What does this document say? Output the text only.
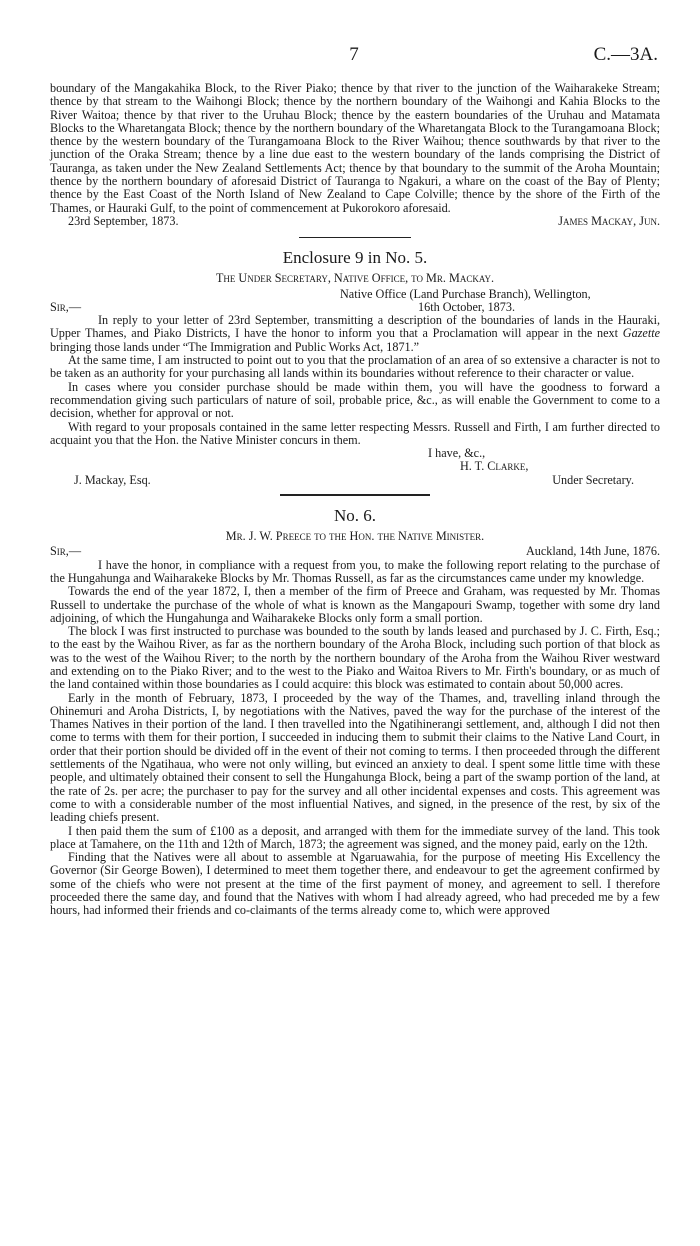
7	C.—3A.

boundary of the Mangakahika Block, to the River Piako; thence by that river to the junction of the Waiharakeke Stream; thence by that stream to the Waihongi Block; thence by the northern boundary of the Waihongi and Kahia Blocks to the River Waitoa; thence by that river to the Uruhau Block; thence by the eastern boundaries of the Uruhau and Matamata Blocks to the Wharetangata Block; thence by the northern boundary of the Wharetangata Block to the Turangamoana Block; thence by the western boundary of the Turangamoana Block to the River Waihou; thence southwards by that river to the junction of the Oraka Stream; thence by a line due east to the western boundary of the lands comprising the District of Tauranga, as taken under the New Zealand Settlements Act; thence by that boundary to the summit of the Aroha Mountain; thence by the northern boundary of aforesaid District of Tauranga to Ngakuri, a whare on the coast of the Bay of Plenty; thence by the East Coast of the North Island of New Zealand to Cape Colville; thence by the shore of the Firth of the Thames, or Hauraki Gulf, to the point of commencement at Pukorokoro aforesaid.

23rd September, 1873.	James Mackay, Jun.
Enclosure 9 in No. 5.
The Under Secretary, Native Office, to Mr. Mackay.
Native Office (Land Purchase Branch), Wellington,
Sir,—	16th October, 1873.

In reply to your letter of 23rd September, transmitting a description of the boundaries of lands in the Hauraki, Upper Thames, and Piako Districts, I have the honor to inform you that a Proclamation will appear in the next Gazette bringing those lands under “The Immigration and Public Works Act, 1871.”

At the same time, I am instructed to point out to you that the proclamation of an area of so extensive a character is not to be taken as an authority for your purchasing all lands within its boundaries without reference to their character or value.

In cases where you consider purchase should be made within them, you will have the goodness to forward a recommendation giving such particulars of nature of soil, probable price, &c., as will enable the Government to come to a decision, whether for approval or not.

With regard to your proposals contained in the same letter respecting Messrs. Russell and Firth, I am further directed to acquaint you that the Hon. the Native Minister concurs in them.

I have, &c.,
H. T. Clarke,
J. Mackay, Esq.	Under Secretary.
No. 6.
Mr. J. W. Preece to the Hon. the Native Minister.
Sir,—	Auckland, 14th June, 1876.

I have the honor, in compliance with a request from you, to make the following report relating to the purchase of the Hungahunga and Waiharakeke Blocks by Mr. Thomas Russell, as far as the circumstances came under my knowledge.

Towards the end of the year 1872, I, then a member of the firm of Preece and Graham, was requested by Mr. Thomas Russell to undertake the purchase of the whole of what is known as the Mangapouri Swamp, together with some dry land adjoining, of which the Hungahunga and Waiharakeke Blocks only form a small portion.

The block I was first instructed to purchase was bounded to the south by lands leased and purchased by J. C. Firth, Esq.; to the east by the Waihou River, as far as the northern boundary of the Aroha Block, including such portion of that block as was to the west of the Waihou River; to the north by the northern boundary of the Aroha from the Waihou River westward and extending on to the Piako River; and to the west to the Piako and Waitoa Rivers to Mr. Firth's boundary, or as much of the land contained within those boundaries as I could acquire: this block was estimated to contain about 50,000 acres.

Early in the month of February, 1873, I proceeded by the way of the Thames, and, travelling inland through the Ohinemuri and Aroha Districts, I, by negotiations with the Natives, paved the way for the purchase of the interest of the Thames Natives in their portion of the land. I then travelled into the Ngatihinerangi settlement, and, although I did not then come to terms with them for their portion, I succeeded in inducing them to submit their claims to the Native Land Court, in order that their portion should be divided off in the event of their not coming to terms. I then proceeded through the different settlements of the Ngatihaua, who were not only willing, but evinced an anxiety to deal. I spent some little time with these people, and ultimately obtained their consent to sell the Hungahunga Block, being a part of the swamp portion of the land, at the rate of 2s. per acre; the purchaser to pay for the survey and all other incidental expenses and costs. This agreement was come to with a considerable number of the most influential Natives, and signed, in the presence of the rest, by six of the leading chiefs present.

I then paid them the sum of £100 as a deposit, and arranged with them for the immediate survey of the land. This took place at Tamahere, on the 11th and 12th of March, 1873; the agreement was signed, and the money paid, early on the 12th.

Finding that the Natives were all about to assemble at Ngaruawahia, for the purpose of meeting His Excellency the Governor (Sir George Bowen), I determined to meet them together there, and endeavour to get the agreement confirmed by some of the chiefs who were not present at the time of the first payment of money, and agreement to sell. I therefore proceeded there the same day, and found that the Natives with whom I had already agreed, who had preceded me by a few hours, had informed their friends and co-claimants of the terms already come to, which were approved
